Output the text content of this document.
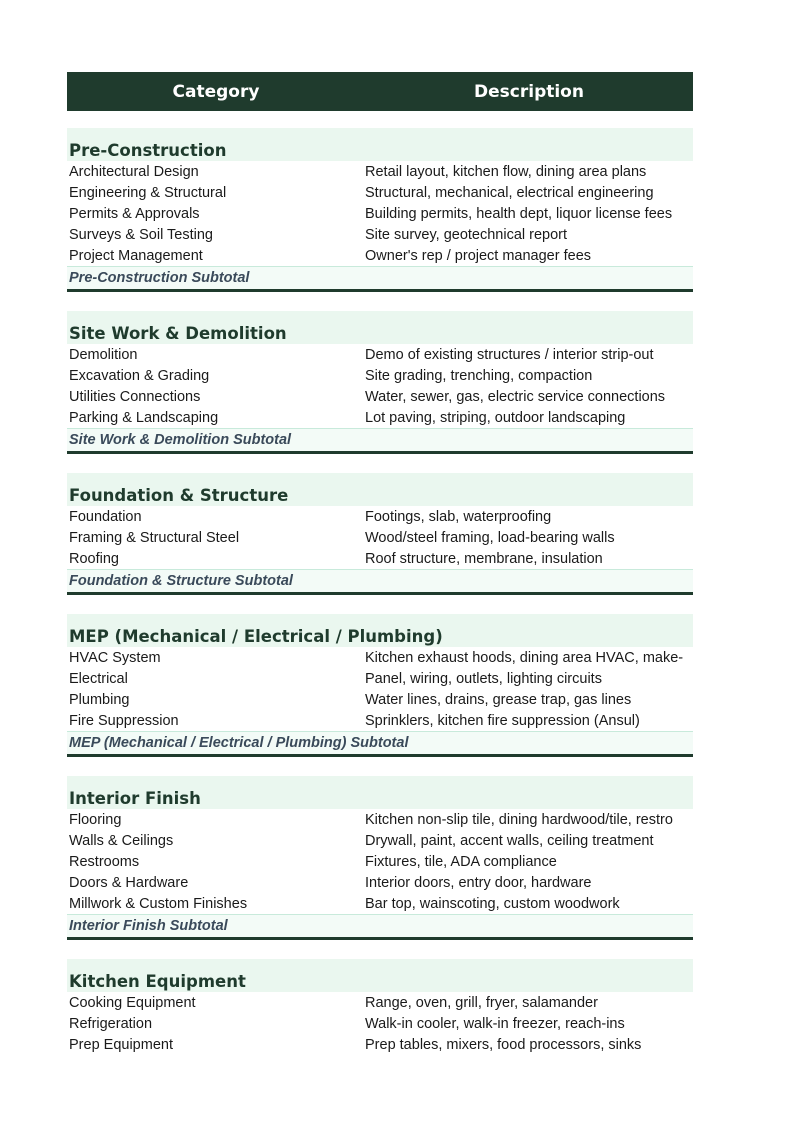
Category	Description
Pre-Construction
Architectural Design	Retail layout, kitchen flow, dining area plans
Engineering & Structural	Structural, mechanical, electrical engineering
Permits & Approvals	Building permits, health dept, liquor license fees
Surveys & Soil Testing	Site survey, geotechnical report
Project Management	Owner's rep / project manager fees
Pre-Construction Subtotal
Site Work & Demolition
Demolition	Demo of existing structures / interior strip-out
Excavation & Grading	Site grading, trenching, compaction
Utilities Connections	Water, sewer, gas, electric service connections
Parking & Landscaping	Lot paving, striping, outdoor landscaping
Site Work & Demolition Subtotal
Foundation & Structure
Foundation	Footings, slab, waterproofing
Framing & Structural Steel	Wood/steel framing, load-bearing walls
Roofing	Roof structure, membrane, insulation
Foundation & Structure Subtotal
MEP (Mechanical / Electrical / Plumbing)
HVAC System	Kitchen exhaust hoods, dining area HVAC, make-
Electrical	Panel, wiring, outlets, lighting circuits
Plumbing	Water lines, drains, grease trap, gas lines
Fire Suppression	Sprinklers, kitchen fire suppression (Ansul)
MEP (Mechanical / Electrical / Plumbing) Subtotal
Interior Finish
Flooring	Kitchen non-slip tile, dining hardwood/tile, restro
Walls & Ceilings	Drywall, paint, accent walls, ceiling treatment
Restrooms	Fixtures, tile, ADA compliance
Doors & Hardware	Interior doors, entry door, hardware
Millwork & Custom Finishes	Bar top, wainscoting, custom woodwork
Interior Finish Subtotal
Kitchen Equipment
Cooking Equipment	Range, oven, grill, fryer, salamander
Refrigeration	Walk-in cooler, walk-in freezer, reach-ins
Prep Equipment	Prep tables, mixers, food processors, sinks
